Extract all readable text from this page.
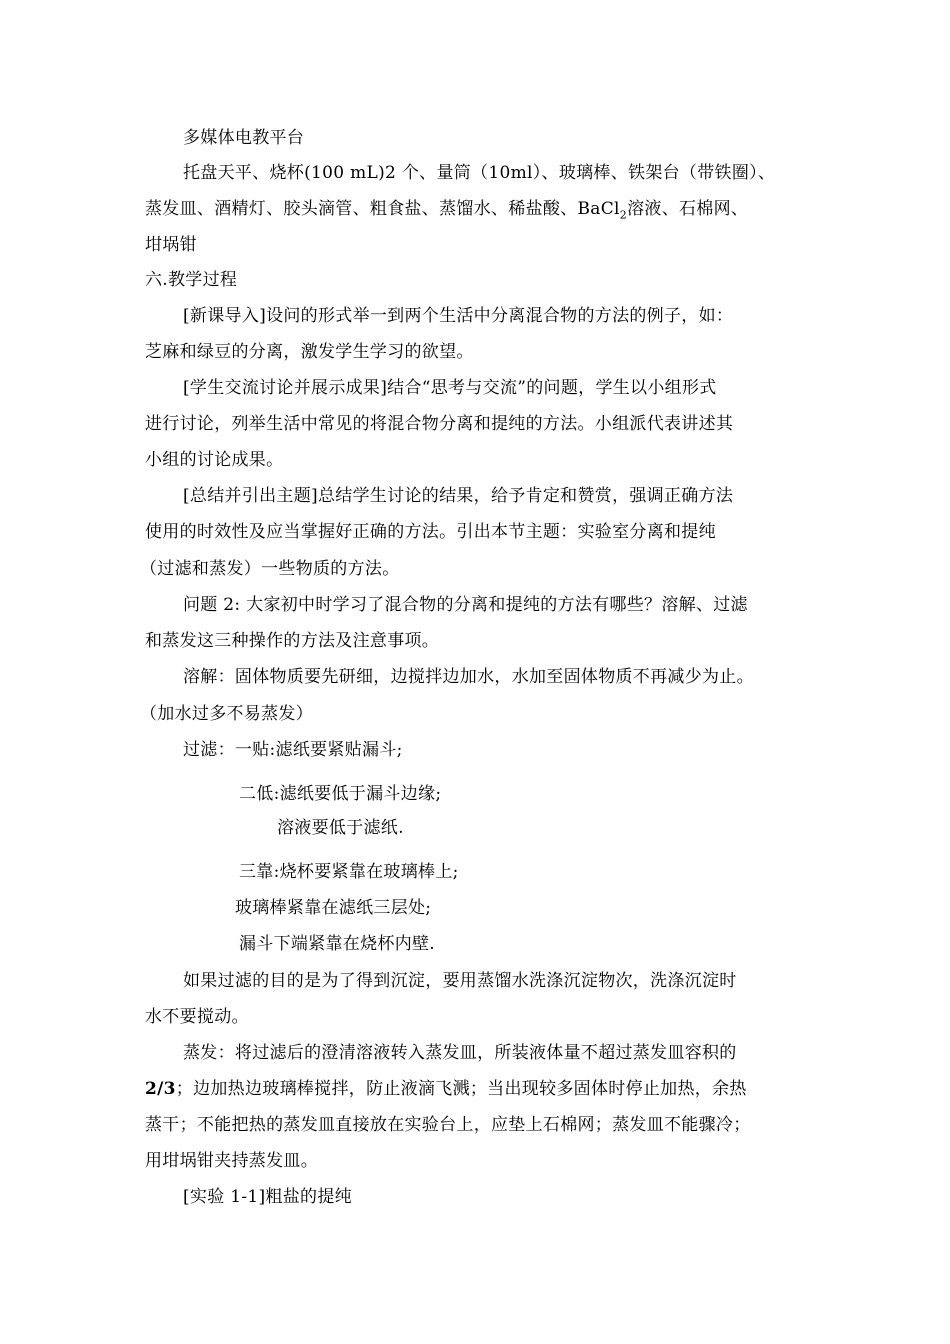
多媒体电教平台
托盘天平、烧杯(100 mL)2 个、量筒（10ml）、玻璃棒、铁架台（带铁圈）、
蒸发皿、酒精灯、胶头滴管、粗食盐、蒸馏水、稀盐酸、BaCl$_2$溶液、石棉网、
坩埚钳
六.教学过程
[新课导入]设问的形式举一到两个生活中分离混合物的方法的例子，如：
芝麻和绿豆的分离，激发学生学习的欲望。
[学生交流讨论并展示成果]结合“思考与交流”的问题，学生以小组形式
进行讨论，列举生活中常见的将混合物分离和提纯的方法。小组派代表讲述其
小组的讨论成果。
[总结并引出主题]总结学生讨论的结果，给予肯定和赞赏，强调正确方法
使用的时效性及应当掌握好正确的方法。引出本节主题：实验室分离和提纯
（过滤和蒸发）一些物质的方法。
问题 2: 大家初中时学习了混合物的分离和提纯的方法有哪些？溶解、过滤
和蒸发这三种操作的方法及注意事项。
溶解：固体物质要先研细，边搅拌边加水，水加至固体物质不再减少为止。
（加水过多不易蒸发）
过滤：一贴:滤纸要紧贴漏斗;
二低:滤纸要低于漏斗边缘;
溶液要低于滤纸.
三靠:烧杯要紧靠在玻璃棒上;
玻璃棒紧靠在滤纸三层处;
漏斗下端紧靠在烧杯内壁.
如果过滤的目的是为了得到沉淀，要用蒸馏水洗涤沉淀物次，洗涤沉淀时
水不要搅动。
蒸发：将过滤后的澄清溶液转入蒸发皿，所装液体量不超过蒸发皿容积的
2/3；边加热边玻璃棒搅拌，防止液滴飞溅；当出现较多固体时停止加热，余热
蒸干；不能把热的蒸发皿直接放在实验台上，应垫上石棉网；蒸发皿不能骤冷；
用坩埚钳夹持蒸发皿。
[实验 1-1]粗盐的提纯
